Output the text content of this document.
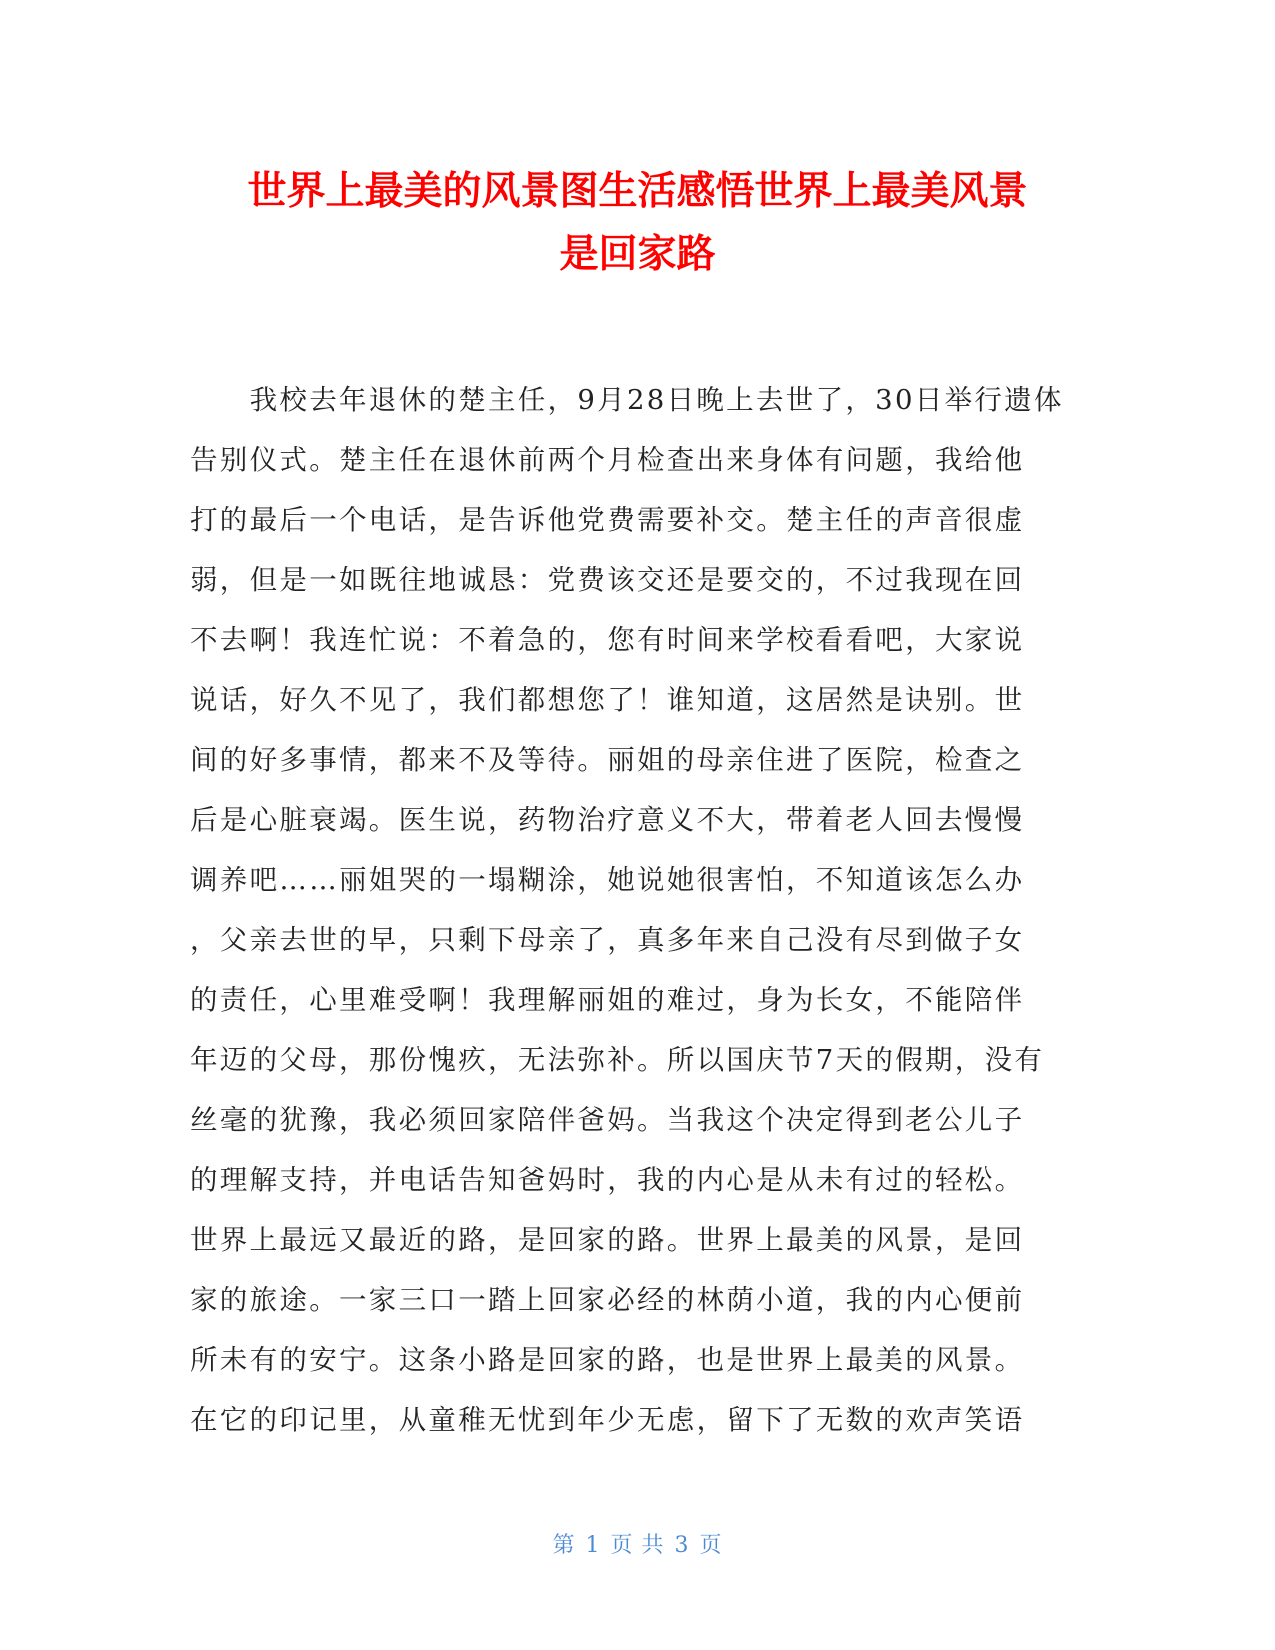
世界上最美的风景图生活感悟世界上最美风景
是回家路
　　我校去年退休的楚主任，9月28日晚上去世了，30日举行遗体
告别仪式。楚主任在退休前两个月检查出来身体有问题，我给他
打的最后一个电话，是告诉他党费需要补交。楚主任的声音很虚
弱，但是一如既往地诚恳：党费该交还是要交的，不过我现在回
不去啊！我连忙说：不着急的，您有时间来学校看看吧，大家说
说话，好久不见了，我们都想您了！谁知道，这居然是诀别。世
间的好多事情，都来不及等待。丽姐的母亲住进了医院，检查之
后是心脏衰竭。医生说，药物治疗意义不大，带着老人回去慢慢
调养吧……丽姐哭的一塌糊涂，她说她很害怕，不知道该怎么办
，父亲去世的早，只剩下母亲了，真多年来自己没有尽到做子女
的责任，心里难受啊！我理解丽姐的难过，身为长女，不能陪伴
年迈的父母，那份愧疚，无法弥补。所以国庆节7天的假期，没有
丝毫的犹豫，我必须回家陪伴爸妈。当我这个决定得到老公儿子
的理解支持，并电话告知爸妈时，我的内心是从未有过的轻松。
世界上最远又最近的路，是回家的路。世界上最美的风景，是回
家的旅途。一家三口一踏上回家必经的林荫小道，我的内心便前
所未有的安宁。这条小路是回家的路，也是世界上最美的风景。
在它的印记里，从童稚无忧到年少无虑，留下了无数的欢声笑语
第 1 页 共 3 页
